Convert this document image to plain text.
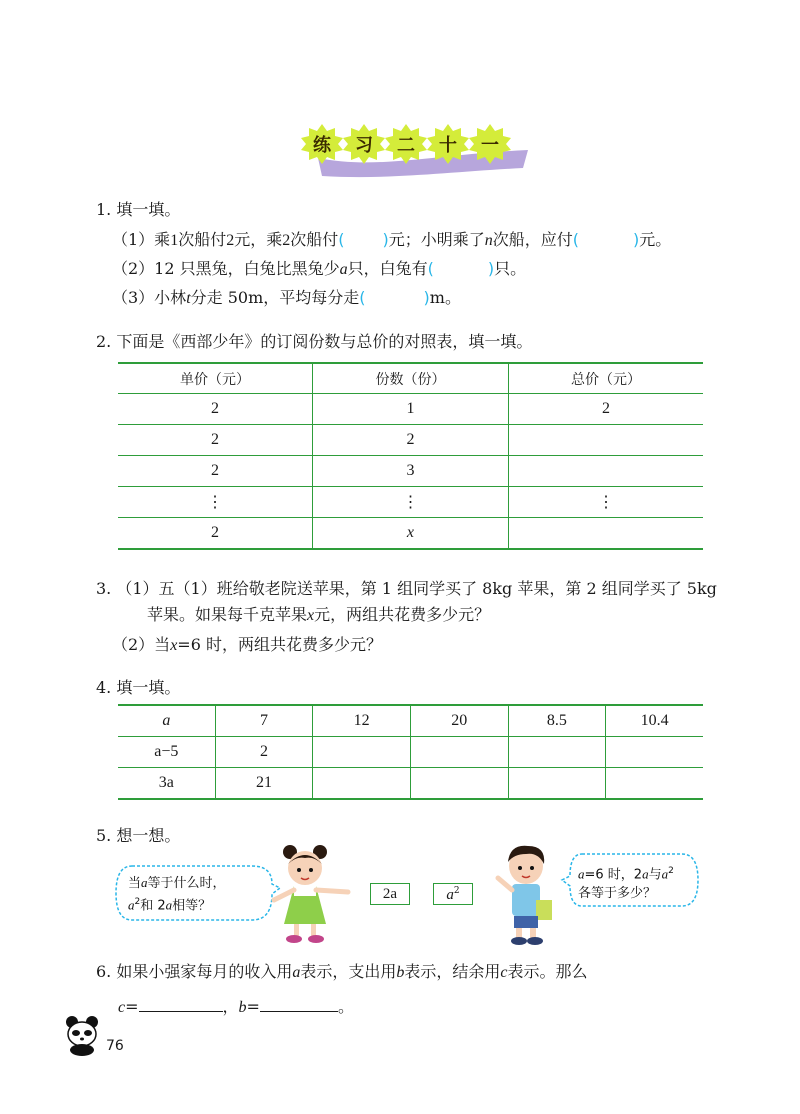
练 习 二 十 一
1. 填一填。
（1）乘1次船付2元，乘2次船付( )元；小明乘了n次船，应付(	)元。
（2）12 只黑兔，白兔比黑兔少a只，白兔有(	)只。
（3）小林t分走 50m，平均每分走(	)m。
2. 下面是《西部少年》的订阅份数与总价的对照表，填一填。
单价（元）	份数（份）	总价（元）
2	1	2
2	2	
2	3	
⋮	⋮	⋮
2	x	
3. （1）五（1）班给敬老院送苹果，第 1 组同学买了 8kg 苹果，第 2 组同学买了 5kg
苹果。如果每千克苹果x元，两组共花费多少元？
（2）当x=6 时，两组共花费多少元？
4. 填一填。
a	7	12	20	8.5	10.4
a−5	2				
3a	21				
5. 想一想。
当a等于什么时，
$a^2$和 2a相等？
2a	$a^2$
a=6 时，2a与$a^2$
各等于多少？
6. 如果小强家每月的收入用a表示，支出用b表示，结余用c表示。那么
c=	，b=	。
76
